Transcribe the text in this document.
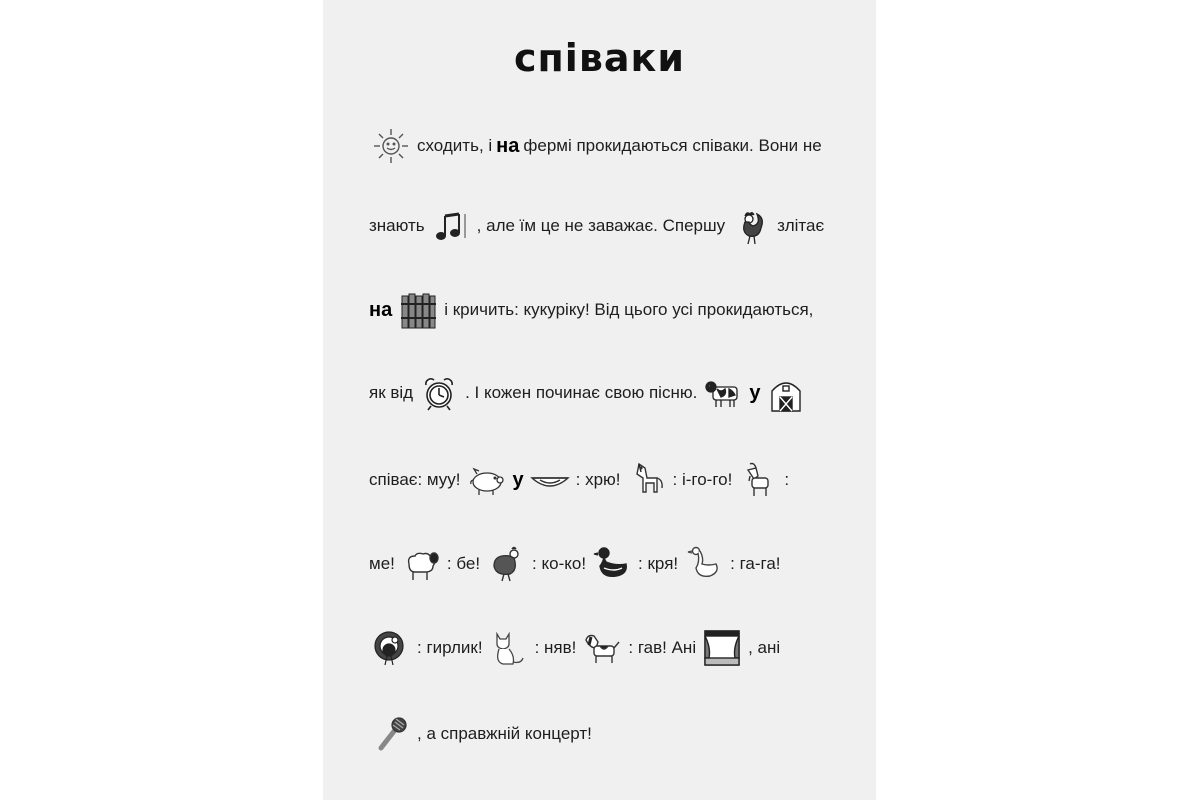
співаки
сходить, і на фермі прокидаються співаки. Вони не
знають	, але їм це не заважає. Спершу	злітає
на	і кричить: кукуріку! Від цього усі прокидаються,
як від	. І кожен починає свою пісню.	у
співає: муу!	у	: хрю!	: і-го-го!	:
ме!	: бе!	: ко-ко!	: кря!	: га-га!
: гирлик!	: няв!	: гав! Ані	, ані
, а справжній концерт!
